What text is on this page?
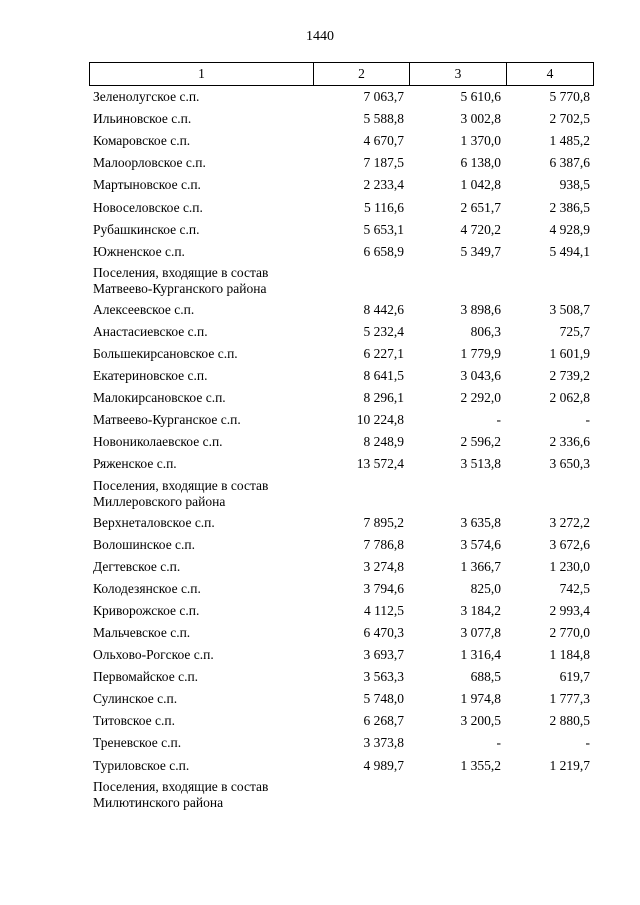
1440
1	2	3	4
Зеленолугское с.п.	7 063,7	5 610,6	5 770,8
Ильиновское с.п.	5 588,8	3 002,8	2 702,5
Комаровское с.п.	4 670,7	1 370,0	1 485,2
Малоорловское с.п.	7 187,5	6 138,0	6 387,6
Мартыновское с.п.	2 233,4	1 042,8	938,5
Новоселовское с.п.	5 116,6	2 651,7	2 386,5
Рубашкинское с.п.	5 653,1	4 720,2	4 928,9
Южненское с.п.	6 658,9	5 349,7	5 494,1
Поселения, входящие в состав Матвеево-Курганского района
Алексеевское с.п.	8 442,6	3 898,6	3 508,7
Анастасиевское с.п.	5 232,4	806,3	725,7
Большекирсановское с.п.	6 227,1	1 779,9	1 601,9
Екатериновское с.п.	8 641,5	3 043,6	2 739,2
Малокирсановское с.п.	8 296,1	2 292,0	2 062,8
Матвеево-Курганское с.п.	10 224,8	-	-
Новониколаевское с.п.	8 248,9	2 596,2	2 336,6
Ряженское с.п.	13 572,4	3 513,8	3 650,3
Поселения, входящие в состав Миллеровского района
Верхнеталовское с.п.	7 895,2	3 635,8	3 272,2
Волошинское с.п.	7 786,8	3 574,6	3 672,6
Дегтевское с.п.	3 274,8	1 366,7	1 230,0
Колодезянское с.п.	3 794,6	825,0	742,5
Криворожское с.п.	4 112,5	3 184,2	2 993,4
Мальчевское с.п.	6 470,3	3 077,8	2 770,0
Ольхово-Рогское с.п.	3 693,7	1 316,4	1 184,8
Первомайское с.п.	3 563,3	688,5	619,7
Сулинское с.п.	5 748,0	1 974,8	1 777,3
Титовское с.п.	6 268,7	3 200,5	2 880,5
Треневское с.п.	3 373,8	-	-
Туриловское с.п.	4 989,7	1 355,2	1 219,7
Поселения, входящие в состав Милютинского района
